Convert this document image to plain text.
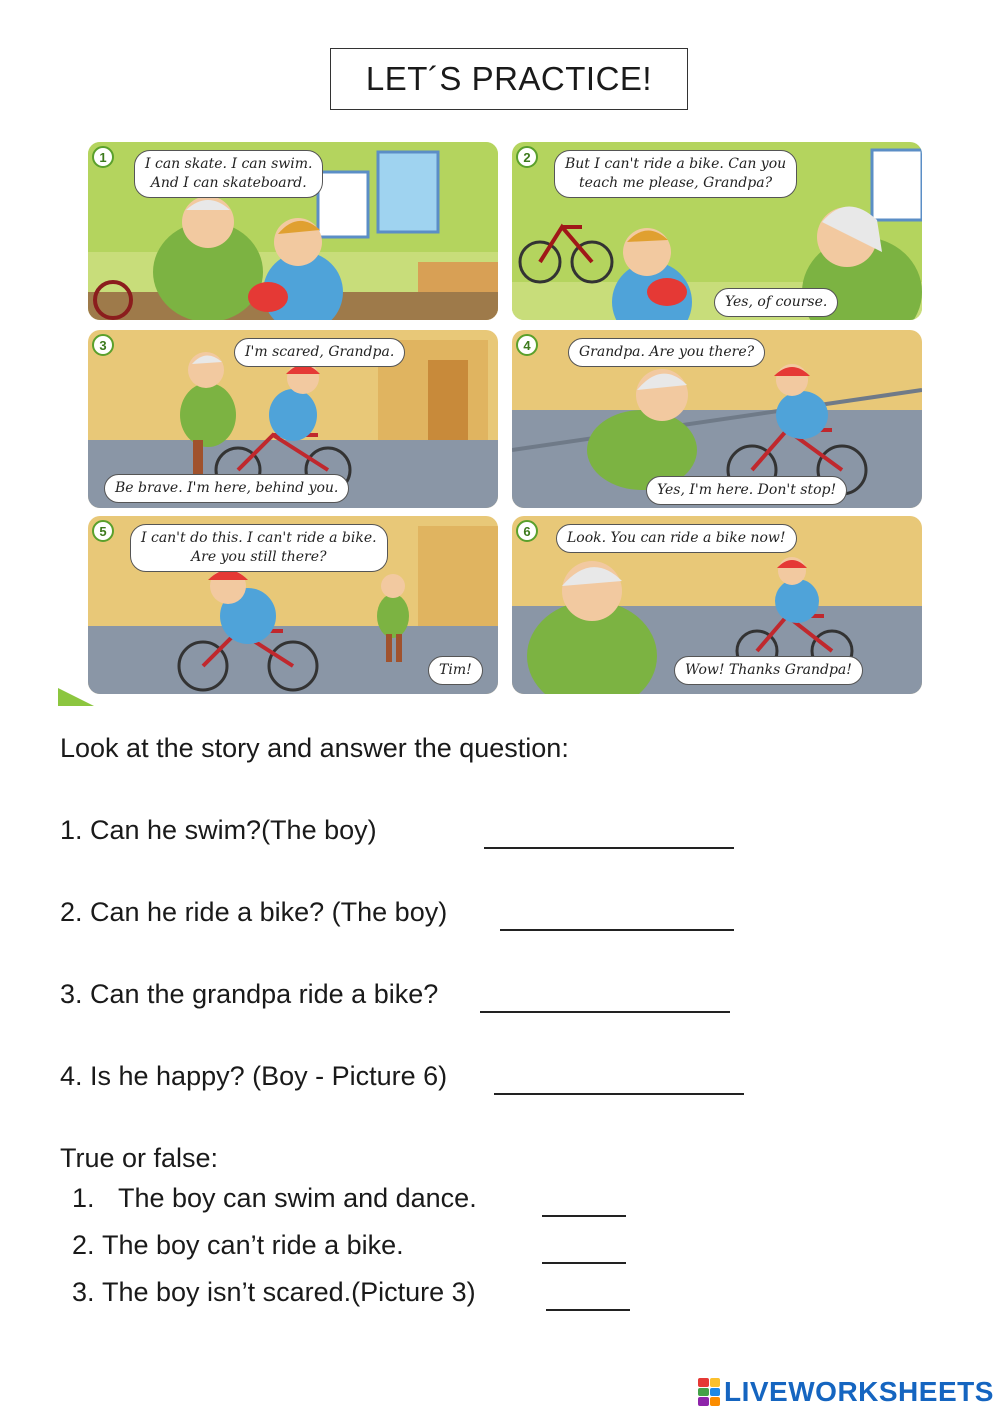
LET´S PRACTICE!
1	I can skate. I can swim.
And I can skateboard.
2	But I can't ride a bike. Can you
teach me please, Grandpa?
Yes, of course.
3	I'm scared, Grandpa.
Be brave. I'm here, behind you.
4	Grandpa. Are you there?
Yes, I'm here. Don't stop!
5	I can't do this. I can't ride a bike.
Are you still there?
Tim!
6	Look. You can ride a bike now!
Wow! Thanks Grandpa!
Look at the story and answer the question:
1. Can he swim?(The boy)
2. Can he ride a bike? (The boy)
3. Can the grandpa ride a bike?
4. Is he happy? (Boy - Picture 6)
True or false:
1. The boy can swim and dance.
2. The boy can’t ride a bike.
3. The boy isn’t scared.(Picture 3)
LIVEWORKSHEETS
